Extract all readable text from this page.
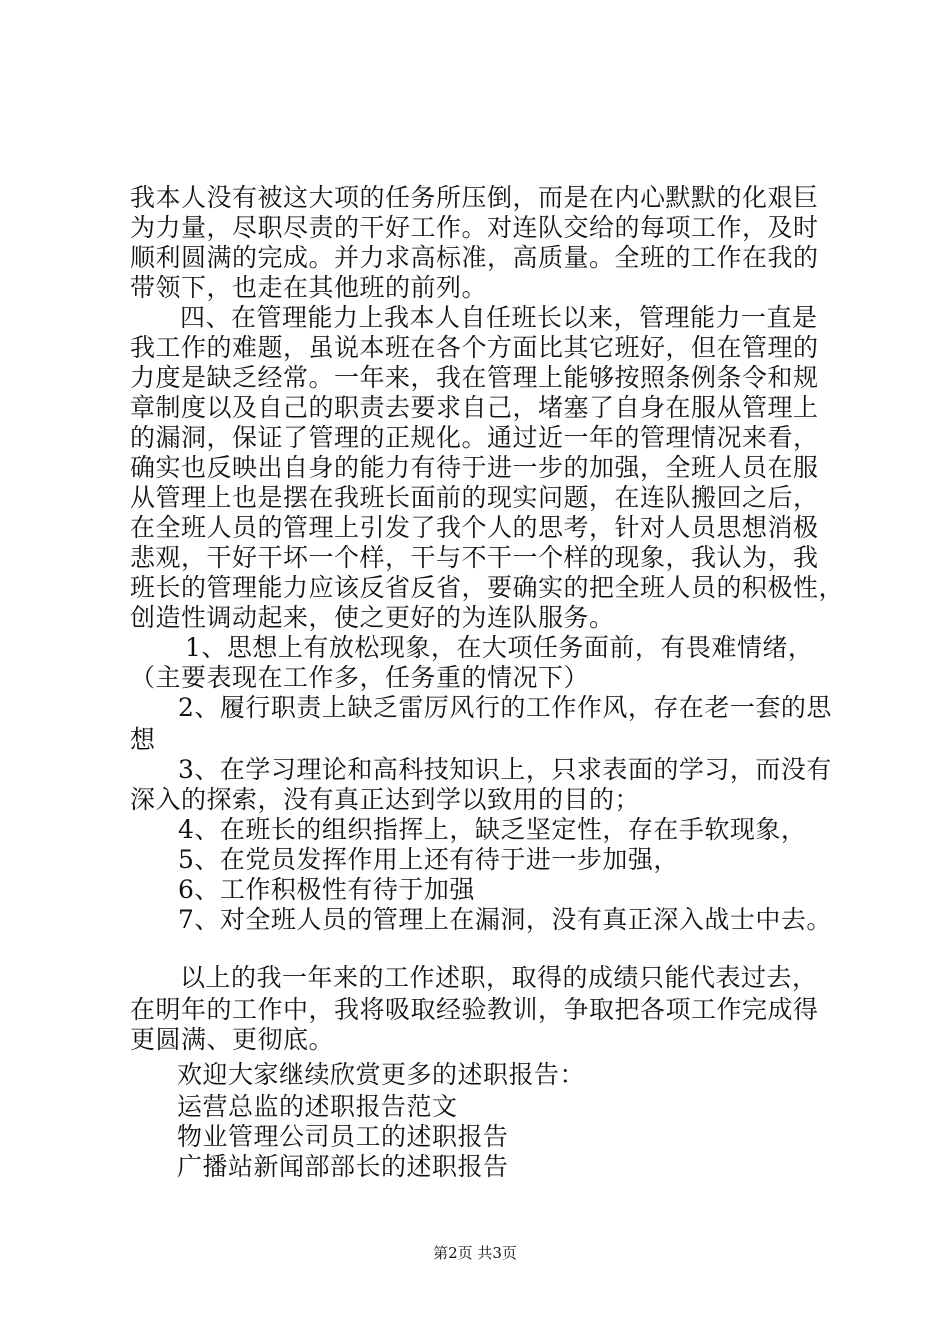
我本人没有被这大项的任务所压倒，而是在内心默默的化艰巨
为力量，尽职尽责的干好工作。对连队交给的每项工作，及时
顺利圆满的完成。并力求高标准，高质量。全班的工作在我的
带领下，也走在其他班的前列。
四、在管理能力上我本人自任班长以来，管理能力一直是
我工作的难题，虽说本班在各个方面比其它班好，但在管理的
力度是缺乏经常。一年来，我在管理上能够按照条例条令和规
章制度以及自己的职责去要求自己，堵塞了自身在服从管理上
的漏洞，保证了管理的正规化。通过近一年的管理情况来看，
确实也反映出自身的能力有待于进一步的加强，全班人员在服
从管理上也是摆在我班长面前的现实问题，在连队搬回之后，
在全班人员的管理上引发了我个人的思考，针对人员思想消极
悲观，干好干坏一个样，干与不干一个样的现象，我认为，我
班长的管理能力应该反省反省，要确实的把全班人员的积极性，
创造性调动起来，使之更好的为连队服务。
1、思想上有放松现象，在大项任务面前，有畏难情绪，
（主要表现在工作多，任务重的情况下）
2、履行职责上缺乏雷厉风行的工作作风，存在老一套的思
想
3、在学习理论和高科技知识上，只求表面的学习，而没有
深入的探索，没有真正达到学以致用的目的；
4、在班长的组织指挥上，缺乏坚定性，存在手软现象，
5、在党员发挥作用上还有待于进一步加强，
6、工作积极性有待于加强
7、对全班人员的管理上在漏洞，没有真正深入战士中去。
以上的我一年来的工作述职，取得的成绩只能代表过去，
在明年的工作中，我将吸取经验教训，争取把各项工作完成得
更圆满、更彻底。
欢迎大家继续欣赏更多的述职报告：
运营总监的述职报告范文
物业管理公司员工的述职报告
广播站新闻部部长的述职报告
第2页 共3页
